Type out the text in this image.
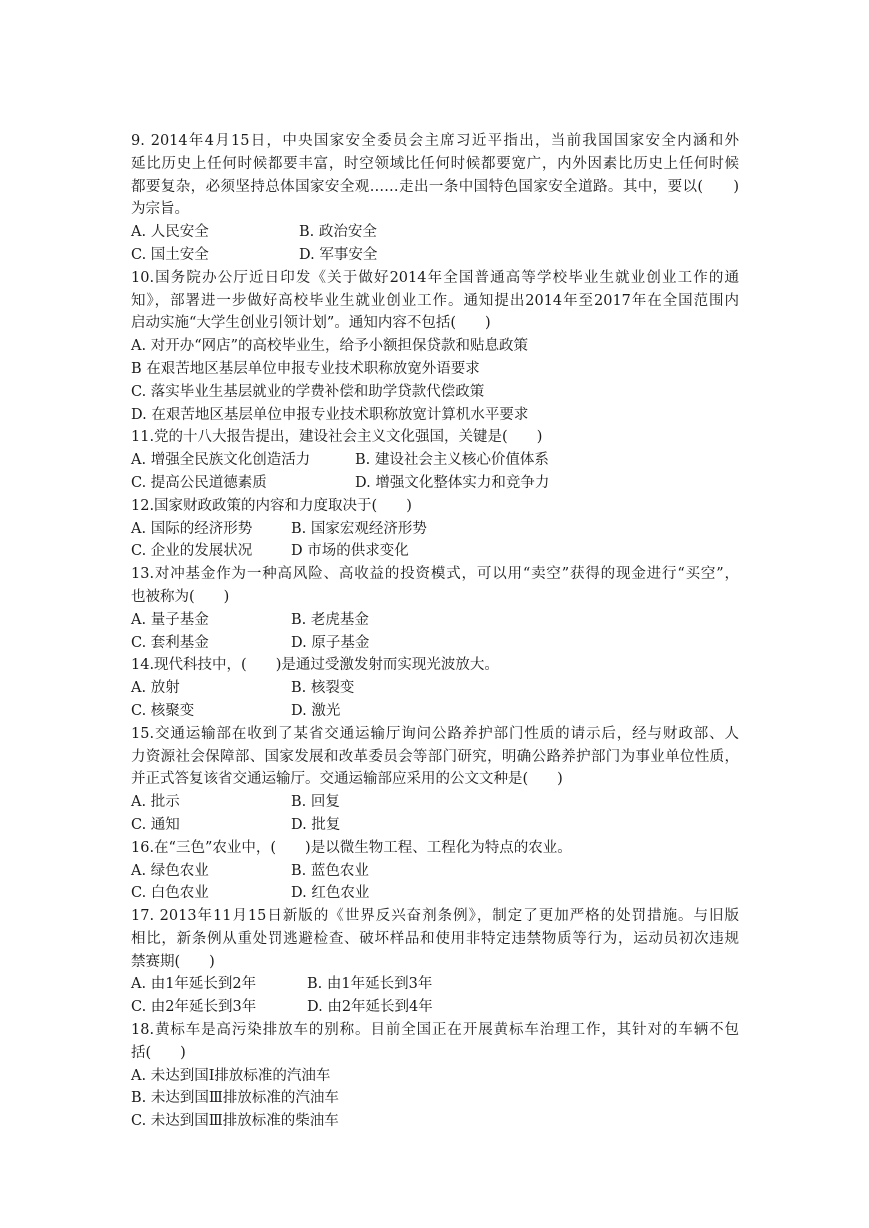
9. 2014年4月15日，中央国家安全委员会主席习近平指出，当前我国国家安全内涵和外
延比历史上任何时候都要丰富，时空领域比任何时候都要宽广，内外因素比历史上任何时候
都要复杂，必须坚持总体国家安全观……走出一条中国特色国家安全道路。其中，要以(　　)
为宗旨。
A. 人民安全	B. 政治安全
C. 国土安全	D. 军事安全
10.国务院办公厅近日印发《关于做好2014年全国普通高等学校毕业生就业创业工作的通
知》，部署进一步做好高校毕业生就业创业工作。通知提出2014年至2017年在全国范围内
启动实施“大学生创业引领计划”。通知内容不包括(　　)
A. 对开办“网店”的高校毕业生，给予小额担保贷款和贴息政策
B 在艰苦地区基层单位申报专业技术职称放宽外语要求
C. 落实毕业生基层就业的学费补偿和助学贷款代偿政策
D. 在艰苦地区基层单位申报专业技术职称放宽计算机水平要求
11.党的十八大报告提出，建设社会主义文化强国，关键是(　　)
A. 增强全民族文化创造活力	B. 建设社会主义核心价值体系
C. 提高公民道德素质	D. 增强文化整体实力和竞争力
12.国家财政政策的内容和力度取决于(　　)
A. 国际的经济形势	B. 国家宏观经济形势
C. 企业的发展状况	D 市场的供求变化
13.对冲基金作为一种高风险、高收益的投资模式，可以用“卖空”获得的现金进行“买空”，
也被称为(　　)
A. 量子基金	B. 老虎基金
C. 套利基金	D. 原子基金
14.现代科技中，(　　)是通过受激发射而实现光波放大。
A. 放射	B. 核裂变
C. 核聚变	D. 激光
15.交通运输部在收到了某省交通运输厅询问公路养护部门性质的请示后，经与财政部、人
力资源社会保障部、国家发展和改革委员会等部门研究，明确公路养护部门为事业单位性质，
并正式答复该省交通运输厅。交通运输部应采用的公文文种是(　　)
A. 批示	B. 回复
C. 通知	D. 批复
16.在“三色”农业中，(　　)是以微生物工程、工程化为特点的农业。
A. 绿色农业	B. 蓝色农业
C. 白色农业	D. 红色农业
17. 2013年11月15日新版的《世界反兴奋剂条例》，制定了更加严格的处罚措施。与旧版
相比，新条例从重处罚逃避检查、破坏样品和使用非特定违禁物质等行为，运动员初次违规
禁赛期(　　)
A. 由1年延长到2年	B. 由1年延长到3年
C. 由2年延长到3年	D. 由2年延长到4年
18.黄标车是高污染排放车的别称。目前全国正在开展黄标车治理工作，其针对的车辆不包
括(　　)
A. 未达到国Ⅰ排放标准的汽油车
B. 未达到国Ⅲ排放标准的汽油车
C. 未达到国Ⅲ排放标准的柴油车
